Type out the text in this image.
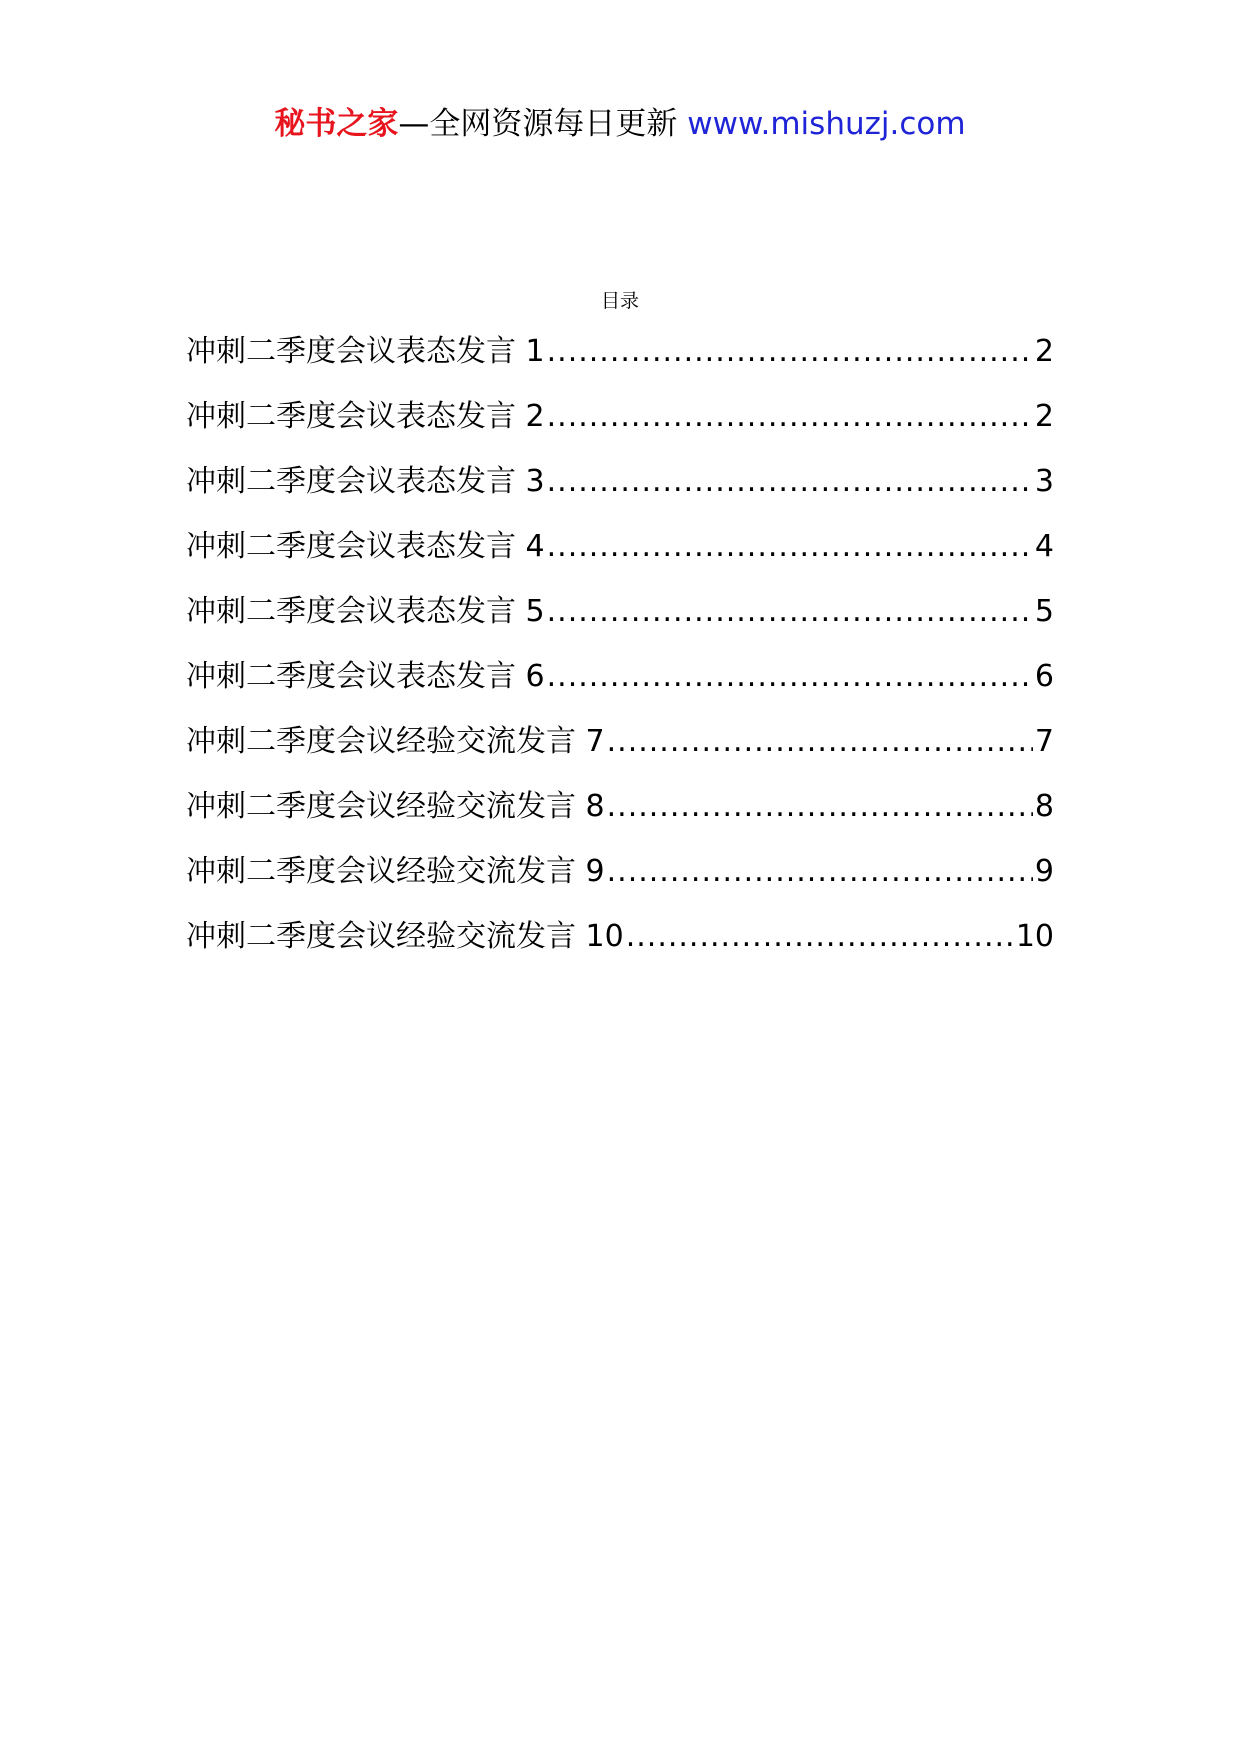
秘书之家—全网资源每日更新 www.mishuzj.com
目录
冲刺二季度会议表态发言 1 .....	2
冲刺二季度会议表态发言 2 .....	2
冲刺二季度会议表态发言 3 .....	3
冲刺二季度会议表态发言 4 .....	4
冲刺二季度会议表态发言 5 .....	5
冲刺二季度会议表态发言 6 .....	6
冲刺二季度会议经验交流发言 7 .....	7
冲刺二季度会议经验交流发言 8 .....	8
冲刺二季度会议经验交流发言 9 .....	9
冲刺二季度会议经验交流发言 10 .....	10
